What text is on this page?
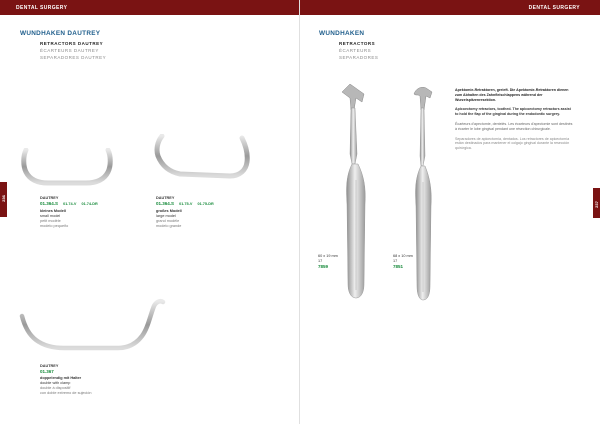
DENTAL SURGERY
236
WUNDHAKEN DAUTREY
RETRACTORS DAUTREY
ÉCARTEURS DAUTREY
SEPARADORES DAUTREY
DAUTREY
01.364.S 01.74-V 01.74-DR
kleines Modell
small model
petit modèle
modelo pequeño
DAUTREY
01.364.S 01.75-V 01.75-DR
großes Modell
large model
grand modèle
modelo grande
DAUTREY
01.367
doppelendig mit Halter
double with clamp
double à dispositif
con doble extremo de sujeción
DENTAL SURGERY
237
WUNDHAKEN
RETRACTORS
ÉCARTEURS
SEPARADORES
60 x 19 mm
17
7859
68 x 10 mm
17
7851

Apektomie-Retraktoren, gerieft. Die Apektomie-Retraktoren dienen zum Abhalten des Zahnfleischlappens während der Wurzelspitzenresektion.

Apicoectomy retractors, toothed. The apicoectomy retractors assist to hold the flap of the gingival during the endodontic surgery.

Écarteurs d'apectomie, dentelés. Les écarteurs d'apectomie sont destinés à écarter le lobe gingival pendant une résection chirurgicale.

Separadores de apicectomía, dentados. Los retractores de apicectomía están destinados para mantener el colgajo gingival durante la resección quirúrgica.
